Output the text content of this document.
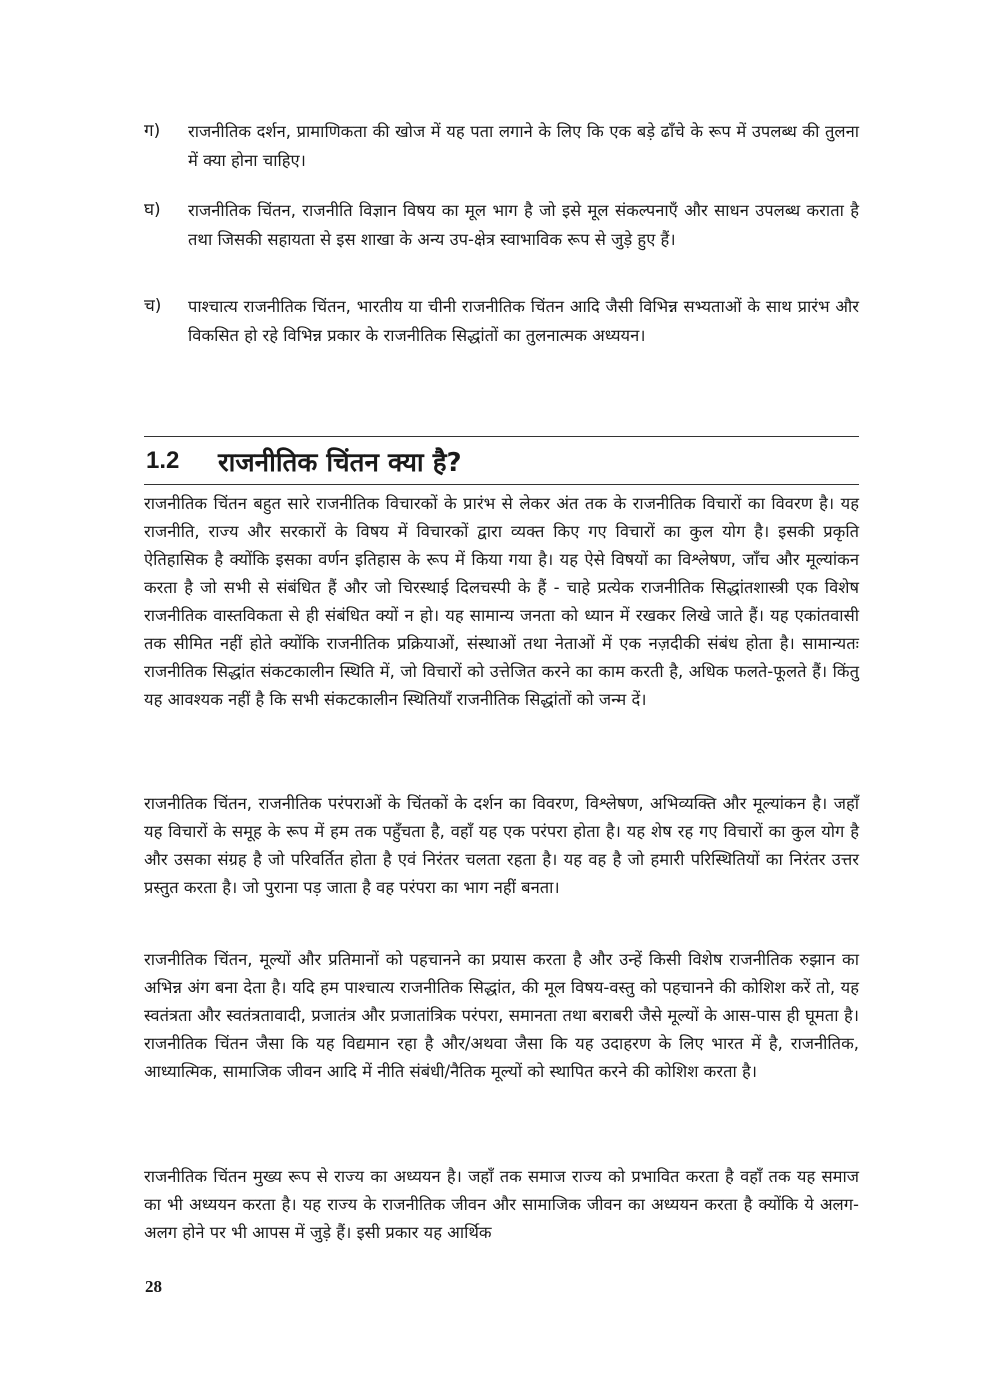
ग) राजनीतिक दर्शन, प्रामाणिकता की खोज में यह पता लगाने के लिए कि एक बड़े ढाँचे के रूप में उपलब्ध की तुलना में क्या होना चाहिए।
घ) राजनीतिक चिंतन, राजनीति विज्ञान विषय का मूल भाग है जो इसे मूल संकल्पनाएँ और साधन उपलब्ध कराता है तथा जिसकी सहायता से इस शाखा के अन्य उप-क्षेत्र स्वाभाविक रूप से जुड़े हुए हैं।
च) पाश्चात्य राजनीतिक चिंतन, भारतीय या चीनी राजनीतिक चिंतन आदि जैसी विभिन्न सभ्यताओं के साथ प्रारंभ और विकसित हो रहे विभिन्न प्रकार के राजनीतिक सिद्धांतों का तुलनात्मक अध्ययन।
1.2	राजनीतिक चिंतन क्या है?

राजनीतिक चिंतन बहुत सारे राजनीतिक विचारकों के प्रारंभ से लेकर अंत तक के राजनीतिक विचारों का विवरण है। यह राजनीति, राज्य और सरकारों के विषय में विचारकों द्वारा व्यक्त किए गए विचारों का कुल योग है। इसकी प्रकृति ऐतिहासिक है क्योंकि इसका वर्णन इतिहास के रूप में किया गया है। यह ऐसे विषयों का विश्लेषण, जाँच और मूल्यांकन करता है जो सभी से संबंधित हैं और जो चिरस्थाई दिलचस्पी के हैं - चाहे प्रत्येक राजनीतिक सिद्धांतशास्त्री एक विशेष राजनीतिक वास्तविकता से ही संबंधित क्यों न हो। यह सामान्य जनता को ध्यान में रखकर लिखे जाते हैं। यह एकांतवासी तक सीमित नहीं होते क्योंकि राजनीतिक प्रक्रियाओं, संस्थाओं तथा नेताओं में एक नज़दीकी संबंध होता है। सामान्यतः राजनीतिक सिद्धांत संकटकालीन स्थिति में, जो विचारों को उत्तेजित करने का काम करती है, अधिक फलते-फूलते हैं। किंतु यह आवश्यक नहीं है कि सभी संकटकालीन स्थितियाँ राजनीतिक सिद्धांतों को जन्म दें।

राजनीतिक चिंतन, राजनीतिक परंपराओं के चिंतकों के दर्शन का विवरण, विश्लेषण, अभिव्यक्ति और मूल्यांकन है। जहाँ यह विचारों के समूह के रूप में हम तक पहुँचता है, वहाँ यह एक परंपरा होता है। यह शेष रह गए विचारों का कुल योग है और उसका संग्रह है जो परिवर्तित होता है एवं निरंतर चलता रहता है। यह वह है जो हमारी परिस्थितियों का निरंतर उत्तर प्रस्तुत करता है। जो पुराना पड़ जाता है वह परंपरा का भाग नहीं बनता।

राजनीतिक चिंतन, मूल्यों और प्रतिमानों को पहचानने का प्रयास करता है और उन्हें किसी विशेष राजनीतिक रुझान का अभिन्न अंग बना देता है। यदि हम पाश्चात्य राजनीतिक सिद्धांत, की मूल विषय-वस्तु को पहचानने की कोशिश करें तो, यह स्वतंत्रता और स्वतंत्रतावादी, प्रजातंत्र और प्रजातांत्रिक परंपरा, समानता तथा बराबरी जैसे मूल्यों के आस-पास ही घूमता है। राजनीतिक चिंतन जैसा कि यह विद्यमान रहा है और/अथवा जैसा कि यह उदाहरण के लिए भारत में है, राजनीतिक, आध्यात्मिक, सामाजिक जीवन आदि में नीति संबंधी/नैतिक मूल्यों को स्थापित करने की कोशिश करता है।

राजनीतिक चिंतन मुख्य रूप से राज्य का अध्ययन है। जहाँ तक समाज राज्य को प्रभावित करता है वहाँ तक यह समाज का भी अध्ययन करता है। यह राज्य के राजनीतिक जीवन और सामाजिक जीवन का अध्ययन करता है क्योंकि ये अलग-अलग होने पर भी आपस में जुड़े हैं। इसी प्रकार यह आर्थिक

28
